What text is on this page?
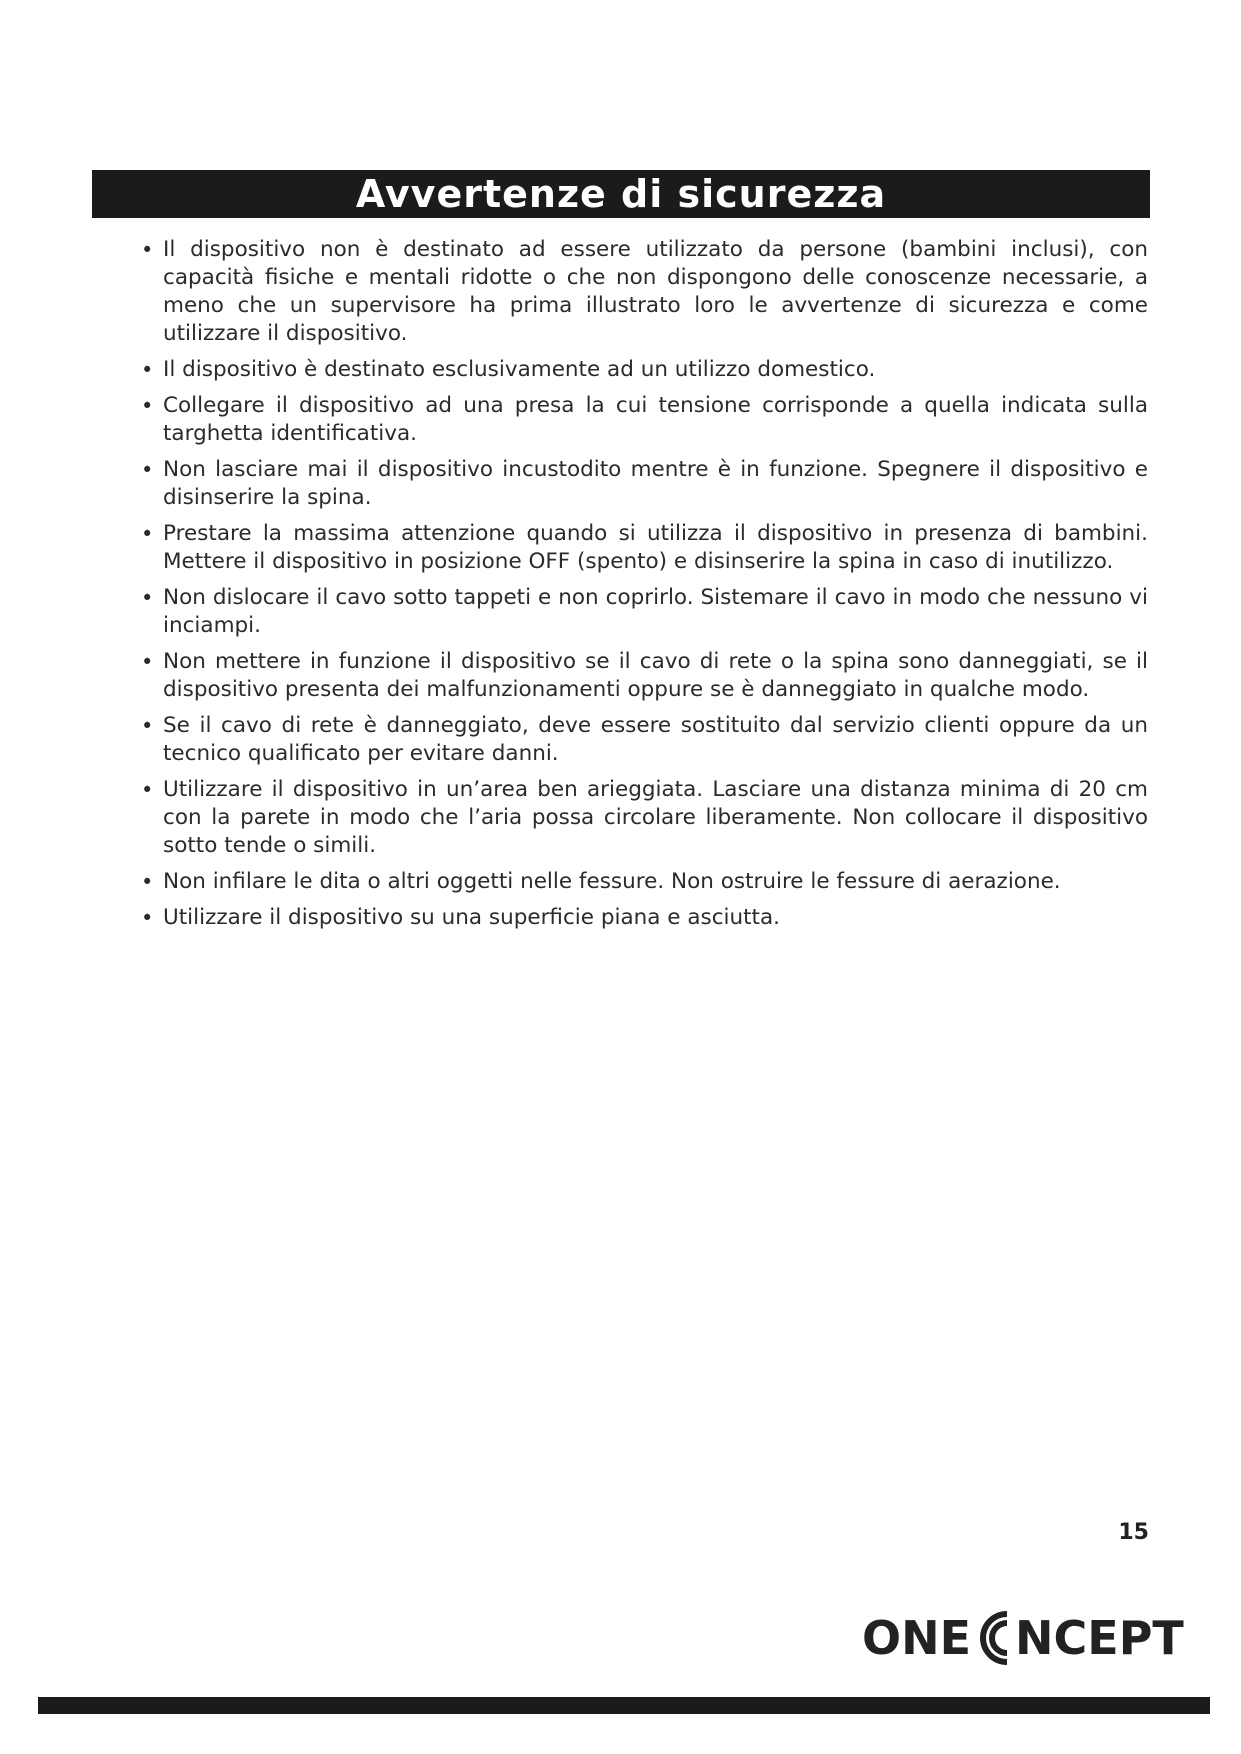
Avvertenze di sicurezza
• Il dispositivo non è destinato ad essere utilizzato da persone (bambini inclusi), con capacità fisiche e mentali ridotte o che non dispongono delle conoscenze necessarie, a meno che un supervisore ha prima illustrato loro le avvertenze di sicurezza e come utilizzare il dispositivo.
• Il dispositivo è destinato esclusivamente ad un utilizzo domestico.
• Collegare il dispositivo ad una presa la cui tensione corrisponde a quella indicata sulla targhetta identificativa.
• Non lasciare mai il dispositivo incustodito mentre è in funzione. Spegnere il dispositivo e disinserire la spina.
• Prestare la massima attenzione quando si utilizza il dispositivo in presenza di bambini. Mettere il dispositivo in posizione OFF (spento) e disinserire la spina in caso di inutilizzo.
• Non dislocare il cavo sotto tappeti e non coprirlo. Sistemare il cavo in modo che nessuno vi inciampi.
• Non mettere in funzione il dispositivo se il cavo di rete o la spina sono danneggiati, se il dispositivo presenta dei malfunzionamenti oppure se è danneggiato in qualche modo.
• Se il cavo di rete è danneggiato, deve essere sostituito dal servizio clienti oppure da un tecnico qualificato per evitare danni.
• Utilizzare il dispositivo in un’area ben arieggiata. Lasciare una distanza minima di 20 cm con la parete in modo che l’aria possa circolare liberamente. Non collocare il dispositivo sotto tende o simili.
• Non infilare le dita o altri oggetti nelle fessure. Non ostruire le fessure di aerazione.
• Utilizzare il dispositivo su una superficie piana e asciutta.
15
ONE NCEPT
